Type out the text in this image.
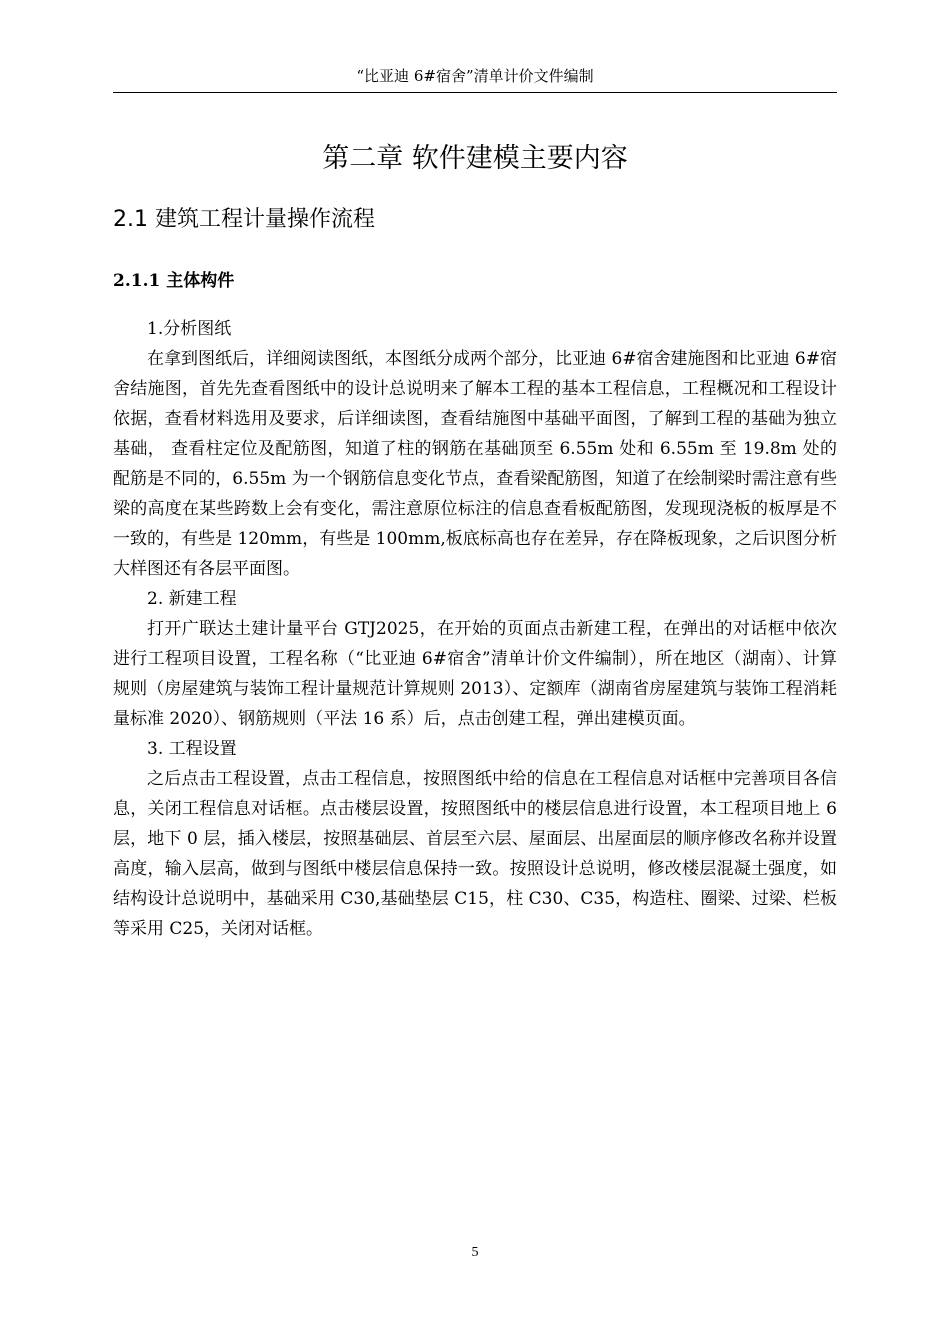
“比亚迪 6#宿舍”清单计价文件编制
第二章 软件建模主要内容
2.1 建筑工程计量操作流程
2.1.1 主体构件

1.分析图纸

在拿到图纸后，详细阅读图纸，本图纸分成两个部分，比亚迪 6#宿舍建施图和比亚迪 6#宿舍结施图，首先先查看图纸中的设计总说明来了解本工程的基本工程信息，工程概况和工程设计依据，查看材料选用及要求，后详细读图，查看结施图中基础平面图，了解到工程的基础为独立基础， 查看柱定位及配筋图，知道了柱的钢筋在基础顶至 6.55m 处和 6.55m 至 19.8m 处的配筋是不同的，6.55m 为一个钢筋信息变化节点，查看梁配筋图，知道了在绘制梁时需注意有些梁的高度在某些跨数上会有变化，需注意原位标注的信息查看板配筋图，发现现浇板的板厚是不一致的，有些是 120mm，有些是 100mm,板底标高也存在差异，存在降板现象，之后识图分析大样图还有各层平面图。

2. 新建工程

打开广联达土建计量平台 GTJ2025，在开始的页面点击新建工程，在弹出的对话框中依次进行工程项目设置，工程名称（“比亚迪 6#宿舍”清单计价文件编制），所在地区（湖南）、计算规则（房屋建筑与装饰工程计量规范计算规则 2013）、定额库（湖南省房屋建筑与装饰工程消耗量标准 2020）、钢筋规则（平法 16 系）后，点击创建工程，弹出建模页面。

3. 工程设置

之后点击工程设置，点击工程信息，按照图纸中给的信息在工程信息对话框中完善项目各信息，关闭工程信息对话框。点击楼层设置，按照图纸中的楼层信息进行设置，本工程项目地上 6 层，地下 0 层，插入楼层，按照基础层、首层至六层、屋面层、出屋面层的顺序修改名称并设置高度，输入层高，做到与图纸中楼层信息保持一致。按照设计总说明，修改楼层混凝土强度，如结构设计总说明中，基础采用 C30,基础垫层 C15，柱 C30、C35，构造柱、圈梁、过梁、栏板等采用 C25，关闭对话框。

5
